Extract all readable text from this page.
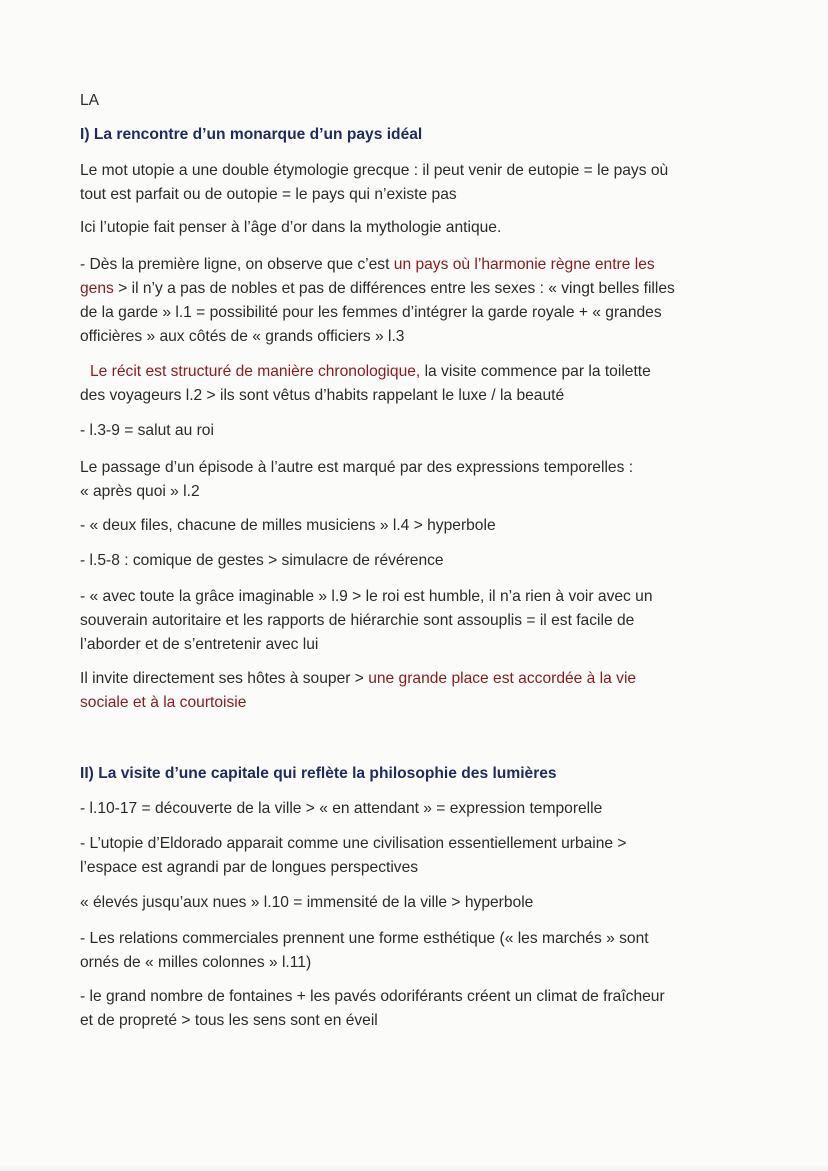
LA

I) La rencontre d’un monarque d’un pays idéal

Le mot utopie a une double étymologie grecque : il peut venir de eutopie = le pays où
tout est parfait ou de outopie = le pays qui n’existe pas

Ici l’utopie fait penser à l’âge d’or dans la mythologie antique.

- Dès la première ligne, on observe que c’est un pays où l’harmonie règne entre les
gens > il n’y a pas de nobles et pas de différences entre les sexes : « vingt belles filles
de la garde » l.1 = possibilité pour les femmes d’intégrer la garde royale + « grandes
officières » aux côtés de « grands officiers » l.3

Le récit est structuré de manière chronologique, la visite commence par la toilette
des voyageurs l.2 > ils sont vêtus d’habits rappelant le luxe / la beauté

- l.3-9 = salut au roi

Le passage d’un épisode à l’autre est marqué par des expressions temporelles :
« après quoi » l.2

- « deux files, chacune de milles musiciens » l.4 > hyperbole

- l.5-8 : comique de gestes > simulacre de révérence

- « avec toute la grâce imaginable » l.9 > le roi est humble, il n’a rien à voir avec un
souverain autoritaire et les rapports de hiérarchie sont assouplis = il est facile de
l’aborder et de s’entretenir avec lui

Il invite directement ses hôtes à souper > une grande place est accordée à la vie
sociale et à la courtoisie

II) La visite d’une capitale qui reflète la philosophie des lumières

- l.10-17 = découverte de la ville > « en attendant » = expression temporelle

- L’utopie d’Eldorado apparait comme une civilisation essentiellement urbaine >
l’espace est agrandi par de longues perspectives

« élevés jusqu’aux nues » l.10 = immensité de la ville > hyperbole

- Les relations commerciales prennent une forme esthétique (« les marchés » sont
ornés de « milles colonnes » l.11)

- le grand nombre de fontaines + les pavés odoriférants créent un climat de fraîcheur
et de propreté > tous les sens sont en éveil
